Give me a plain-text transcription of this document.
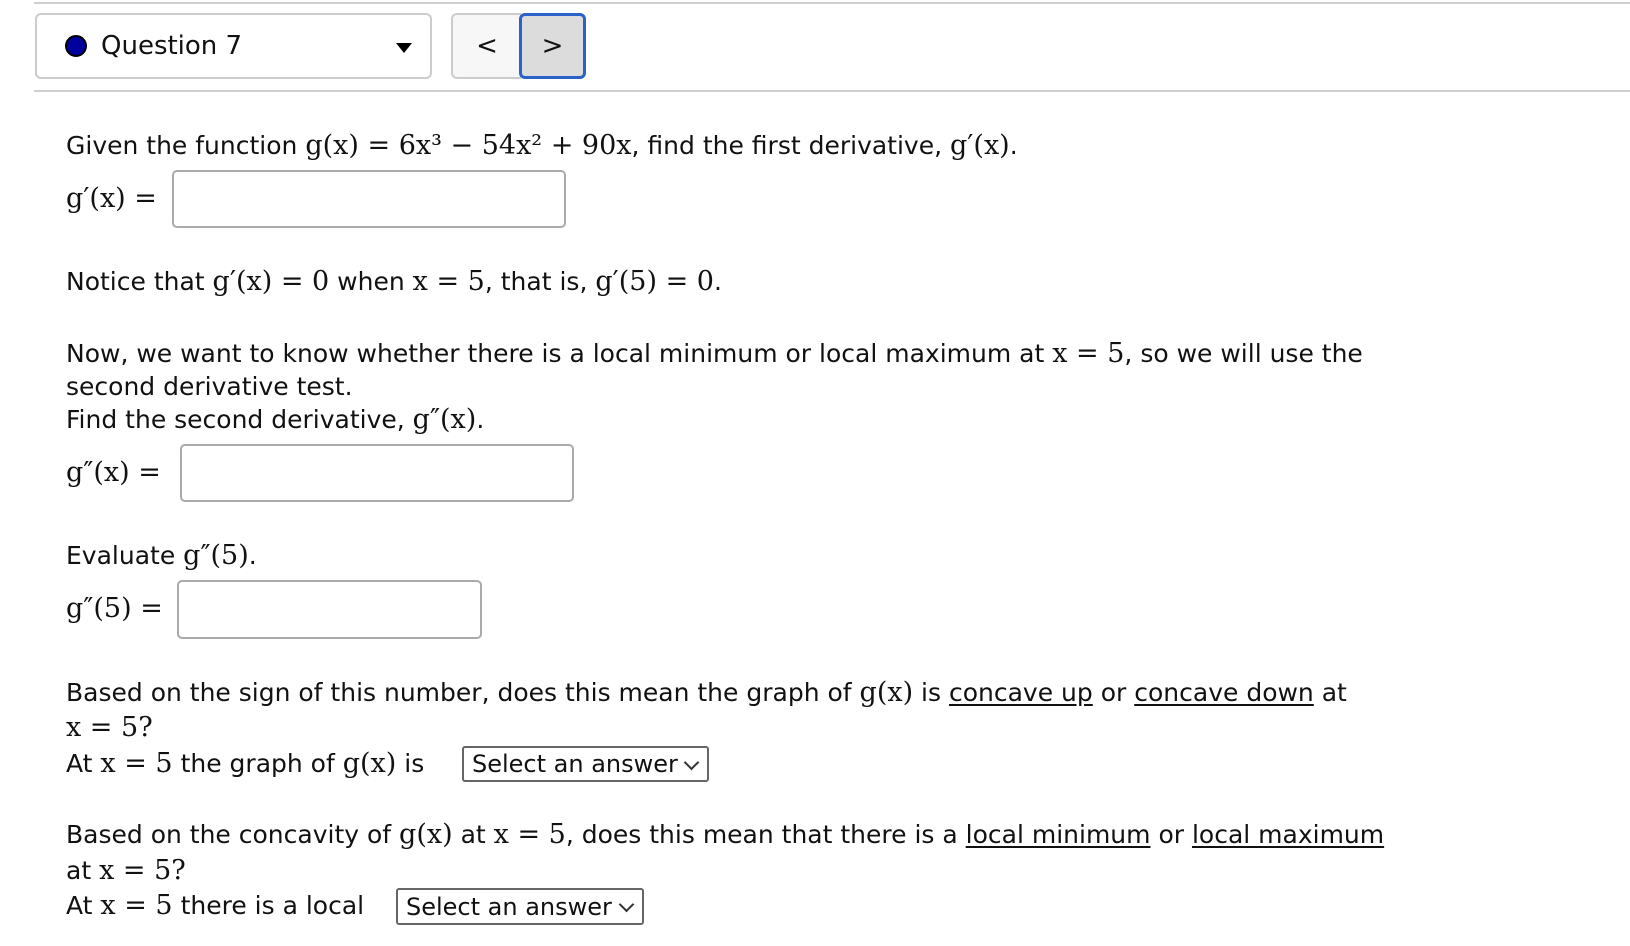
Question 7	< >
Given the function g(x) = 6x³ − 54x² + 90x, find the first derivative, g′(x).
g′(x) =
Notice that g′(x) = 0 when x = 5, that is, g′(5) = 0.
Now, we want to know whether there is a local minimum or local maximum at x = 5, so we will use the
second derivative test.
Find the second derivative, g″(x).
g″(x) =
Evaluate g″(5).
g″(5) =
Based on the sign of this number, does this mean the graph of g(x) is concave up or concave down at
x = 5?
At x = 5 the graph of g(x) is Select an answer
Based on the concavity of g(x) at x = 5, does this mean that there is a local minimum or local maximum
at x = 5?
At x = 5 there is a local Select an answer
